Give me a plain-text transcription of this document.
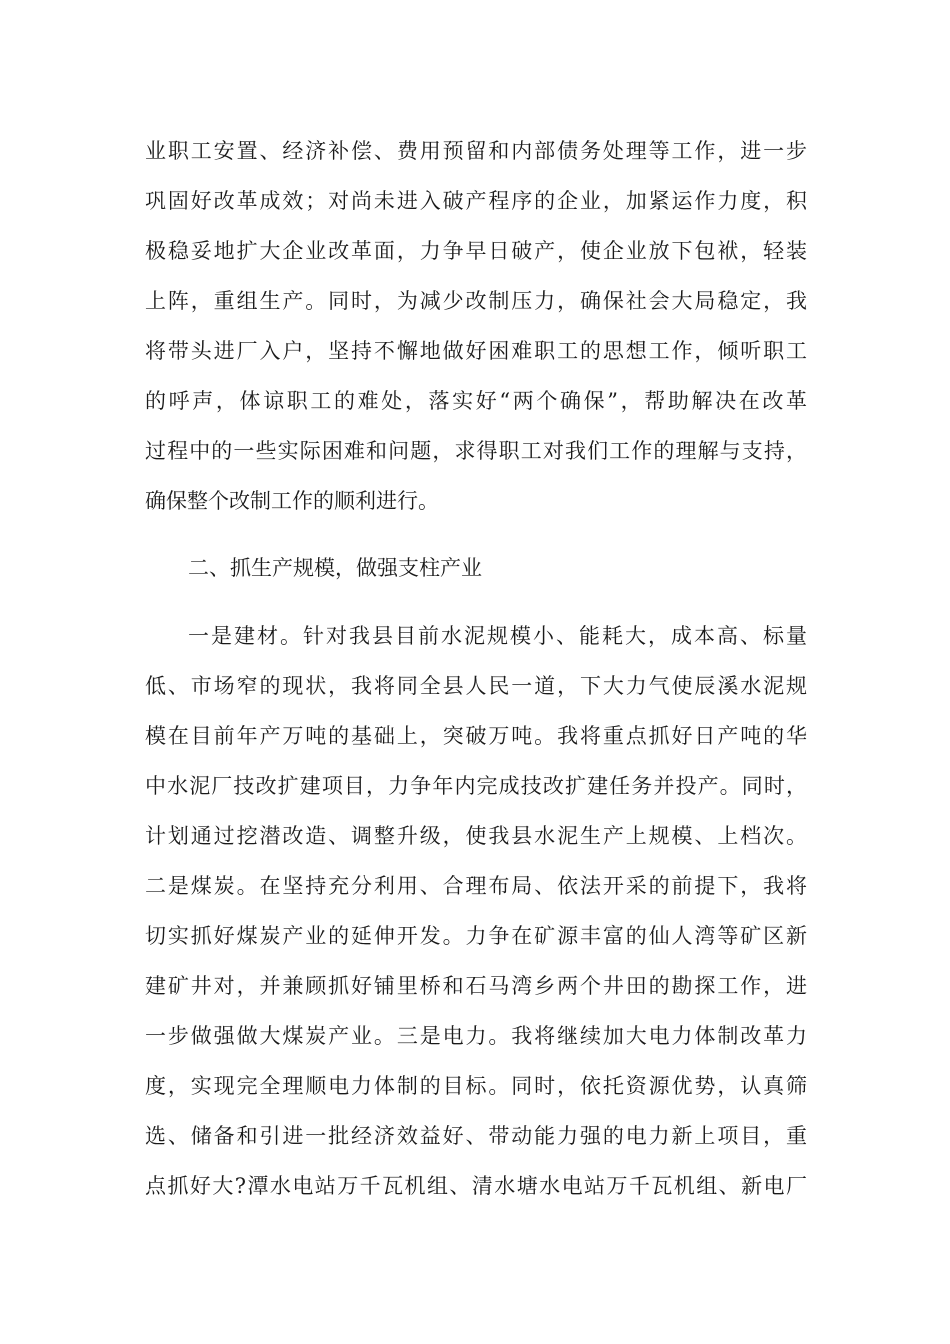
业职工安置、经济补偿、费用预留和内部债务处理等工作，进一步
巩固好改革成效；对尚未进入破产程序的企业，加紧运作力度，积
极稳妥地扩大企业改革面，力争早日破产，使企业放下包袱，轻装
上阵，重组生产。同时，为减少改制压力，确保社会大局稳定，我
将带头进厂入户，坚持不懈地做好困难职工的思想工作，倾听职工
的呼声，体谅职工的难处，落实好“两个确保”，帮助解决在改革
过程中的一些实际困难和问题，求得职工对我们工作的理解与支持，
确保整个改制工作的顺利进行。
二、抓生产规模，做强支柱产业
一是建材。针对我县目前水泥规模小、能耗大，成本高、标量
低、市场窄的现状，我将同全县人民一道，下大力气使辰溪水泥规
模在目前年产万吨的基础上，突破万吨。我将重点抓好日产吨的华
中水泥厂技改扩建项目，力争年内完成技改扩建任务并投产。同时，
计划通过挖潜改造、调整升级，使我县水泥生产上规模、上档次。
二是煤炭。在坚持充分利用、合理布局、依法开采的前提下，我将
切实抓好煤炭产业的延伸开发。力争在矿源丰富的仙人湾等矿区新
建矿井对，并兼顾抓好铺里桥和石马湾乡两个井田的勘探工作，进
一步做强做大煤炭产业。三是电力。我将继续加大电力体制改革力
度，实现完全理顺电力体制的目标。同时，依托资源优势，认真筛
选、储备和引进一批经济效益好、带动能力强的电力新上项目，重
点抓好大?潭水电站万千瓦机组、清水塘水电站万千瓦机组、新电厂
